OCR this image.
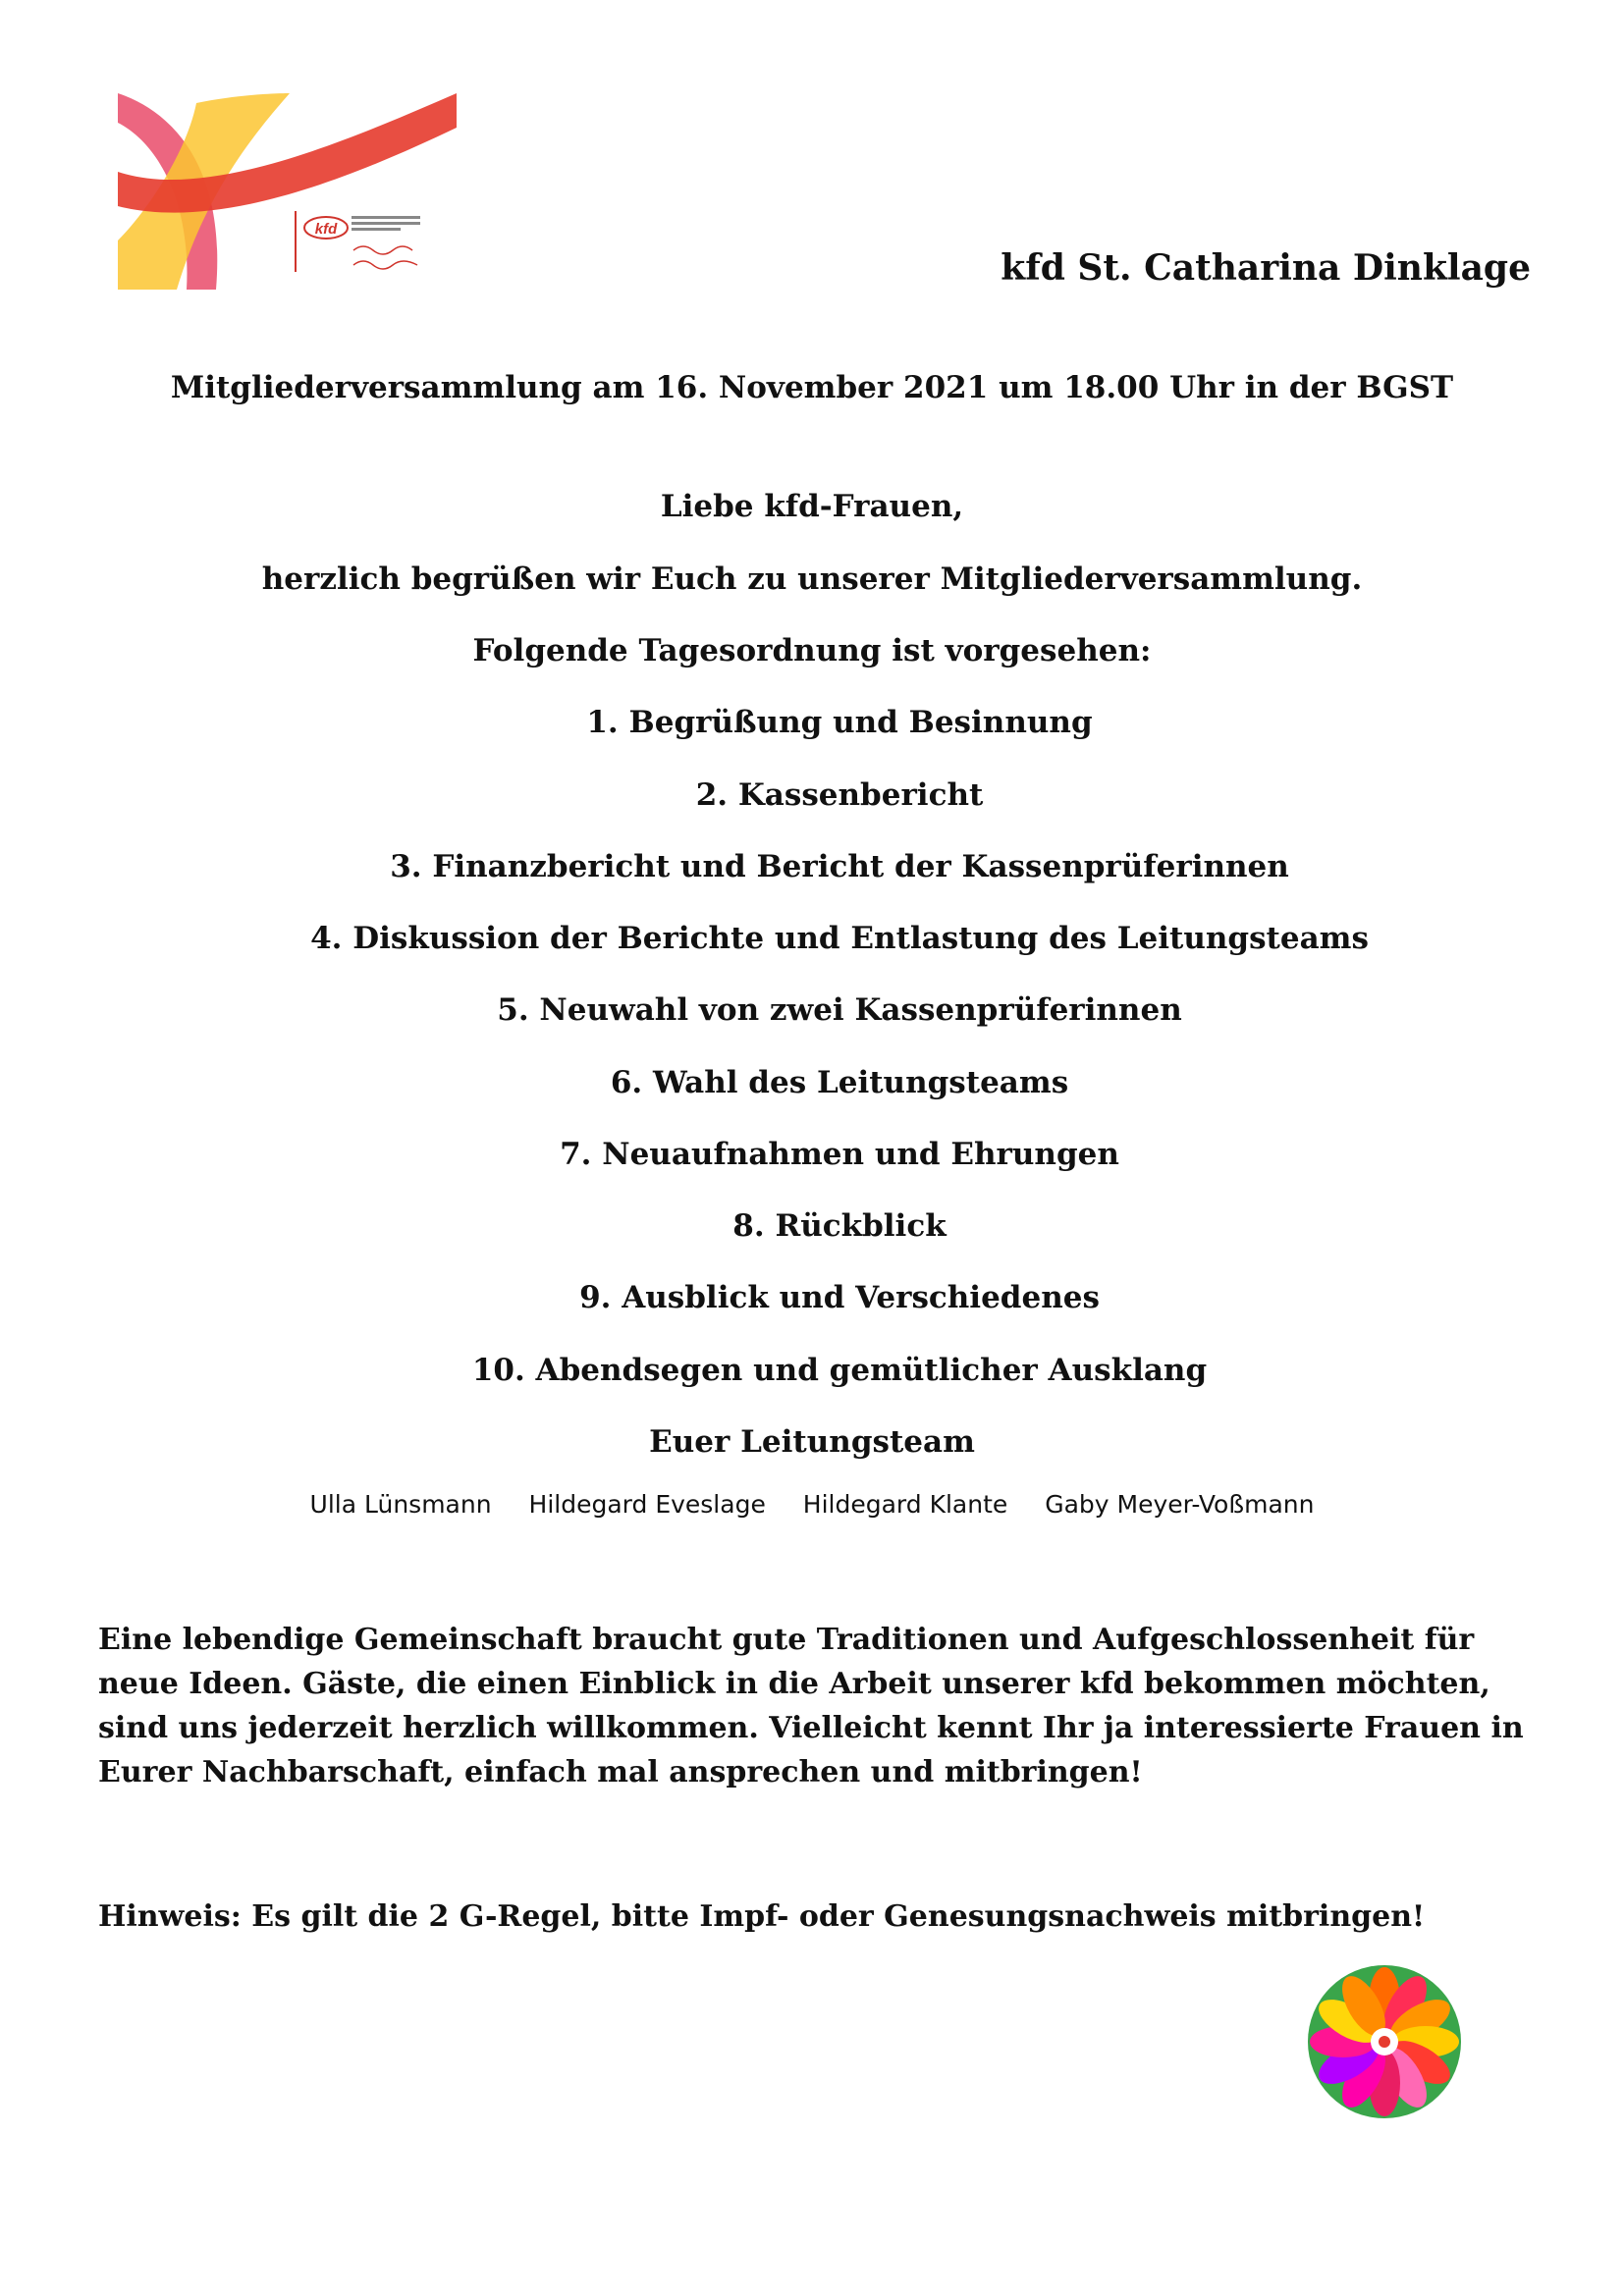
kfd
kfd St. Catharina Dinklage

Mitgliederversammlung am 16. November 2021 um 18.00 Uhr in der BGST

Liebe kfd-Frauen,

herzlich begrüßen wir Euch zu unserer Mitgliederversammlung.

Folgende Tagesordnung ist vorgesehen:

1. Begrüßung und Besinnung

2. Kassenbericht

3. Finanzbericht und Bericht der Kassenprüferinnen

4. Diskussion der Berichte und Entlastung des Leitungsteams

5. Neuwahl von zwei Kassenprüferinnen

6. Wahl des Leitungsteams

7. Neuaufnahmen und Ehrungen

8. Rückblick

9. Ausblick und Verschiedenes

10. Abendsegen und gemütlicher Ausklang

Euer Leitungsteam

Ulla Lünsmann Hildegard Eveslage Hildegard Klante Gaby Meyer-Voßmann

Eine lebendige Gemeinschaft braucht gute Traditionen und Aufgeschlossenheit für neue Ideen. Gäste, die einen Einblick in die Arbeit unserer kfd bekommen möchten, sind uns jederzeit herzlich willkommen. Vielleicht kennt Ihr ja interessierte Frauen in Eurer Nachbarschaft, einfach mal ansprechen und mitbringen!

Hinweis: Es gilt die 2 G-Regel, bitte Impf- oder Genesungsnachweis mitbringen!
